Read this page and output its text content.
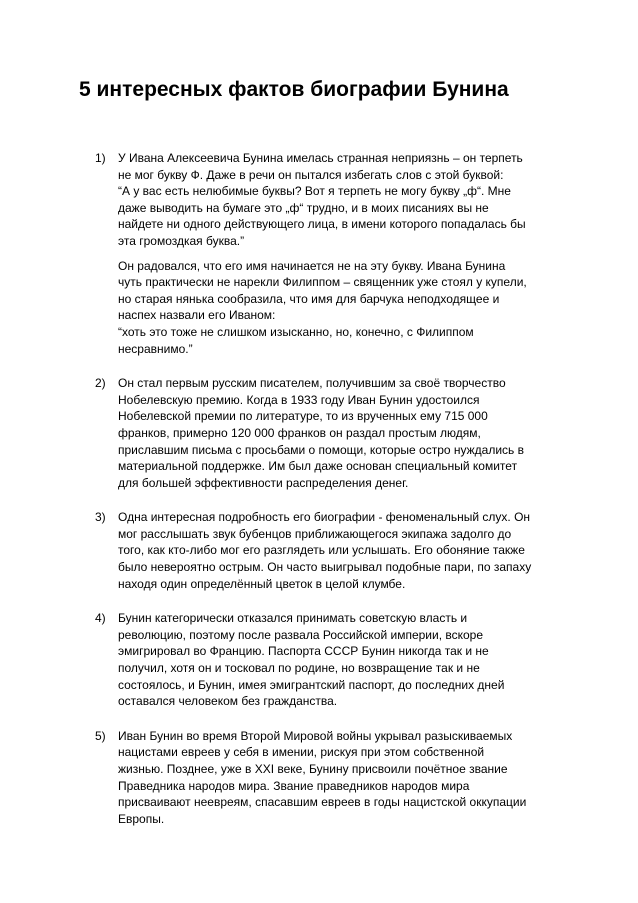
5 интересных фактов биографии Бунина
1) У Ивана Алексеевича Бунина имелась странная неприязнь – он терпеть
не мог букву Ф. Даже в речи он пытался избегать слов с этой буквой:
“А у вас есть нелюбимые буквы? Вот я терпеть не могу букву „ф“. Мне
даже выводить на бумаге это „ф“ трудно, и в моих писаниях вы не
найдете ни одного действующего лица, в имени которого попадалась бы
эта громоздкая буква.”
Он радовался, что его имя начинается не на эту букву. Ивана Бунина
чуть практически не нарекли Филиппом – священник уже стоял у купели,
но старая нянька сообразила, что имя для барчука неподходящее и
наспех назвали его Иваном:
“хоть это тоже не слишком изысканно, но, конечно, с Филиппом
несравнимо.”
2) Он стал первым русским писателем, получившим за своё творчество
Нобелевскую премию. Когда в 1933 году Иван Бунин удостоился
Нобелевской премии по литературе, то из врученных ему 715 000
франков, примерно 120 000 франков он раздал простым людям,
приславшим письма с просьбами о помощи, которые остро нуждались в
материальной поддержке. Им был даже основан специальный комитет
для большей эффективности распределения денег.
3) Одна интересная подробность его биографии - феноменальный слух. Он
мог расслышать звук бубенцов приближающегося экипажа задолго до
того, как кто-либо мог его разглядеть или услышать. Его обоняние также
было невероятно острым. Он часто выигрывал подобные пари, по запаху
находя один определённый цветок в целой клумбе.
4) Бунин категорически отказался принимать советскую власть и
революцию, поэтому после развала Российской империи, вскоре
эмигрировал во Францию. Паспорта СССР Бунин никогда так и не
получил, хотя он и тосковал по родине, но возвращение так и не
состоялось, и Бунин, имея эмигрантский паспорт, до последних дней
оставался человеком без гражданства.
5) Иван Бунин во время Второй Мировой войны укрывал разыскиваемых
нацистами евреев у себя в имении, рискуя при этом собственной
жизнью. Позднее, уже в XXI веке, Бунину присвоили почётное звание
Праведника народов мира. Звание праведников народов мира
присваивают неевреям, спасавшим евреев в годы нацистской оккупации
Европы.
